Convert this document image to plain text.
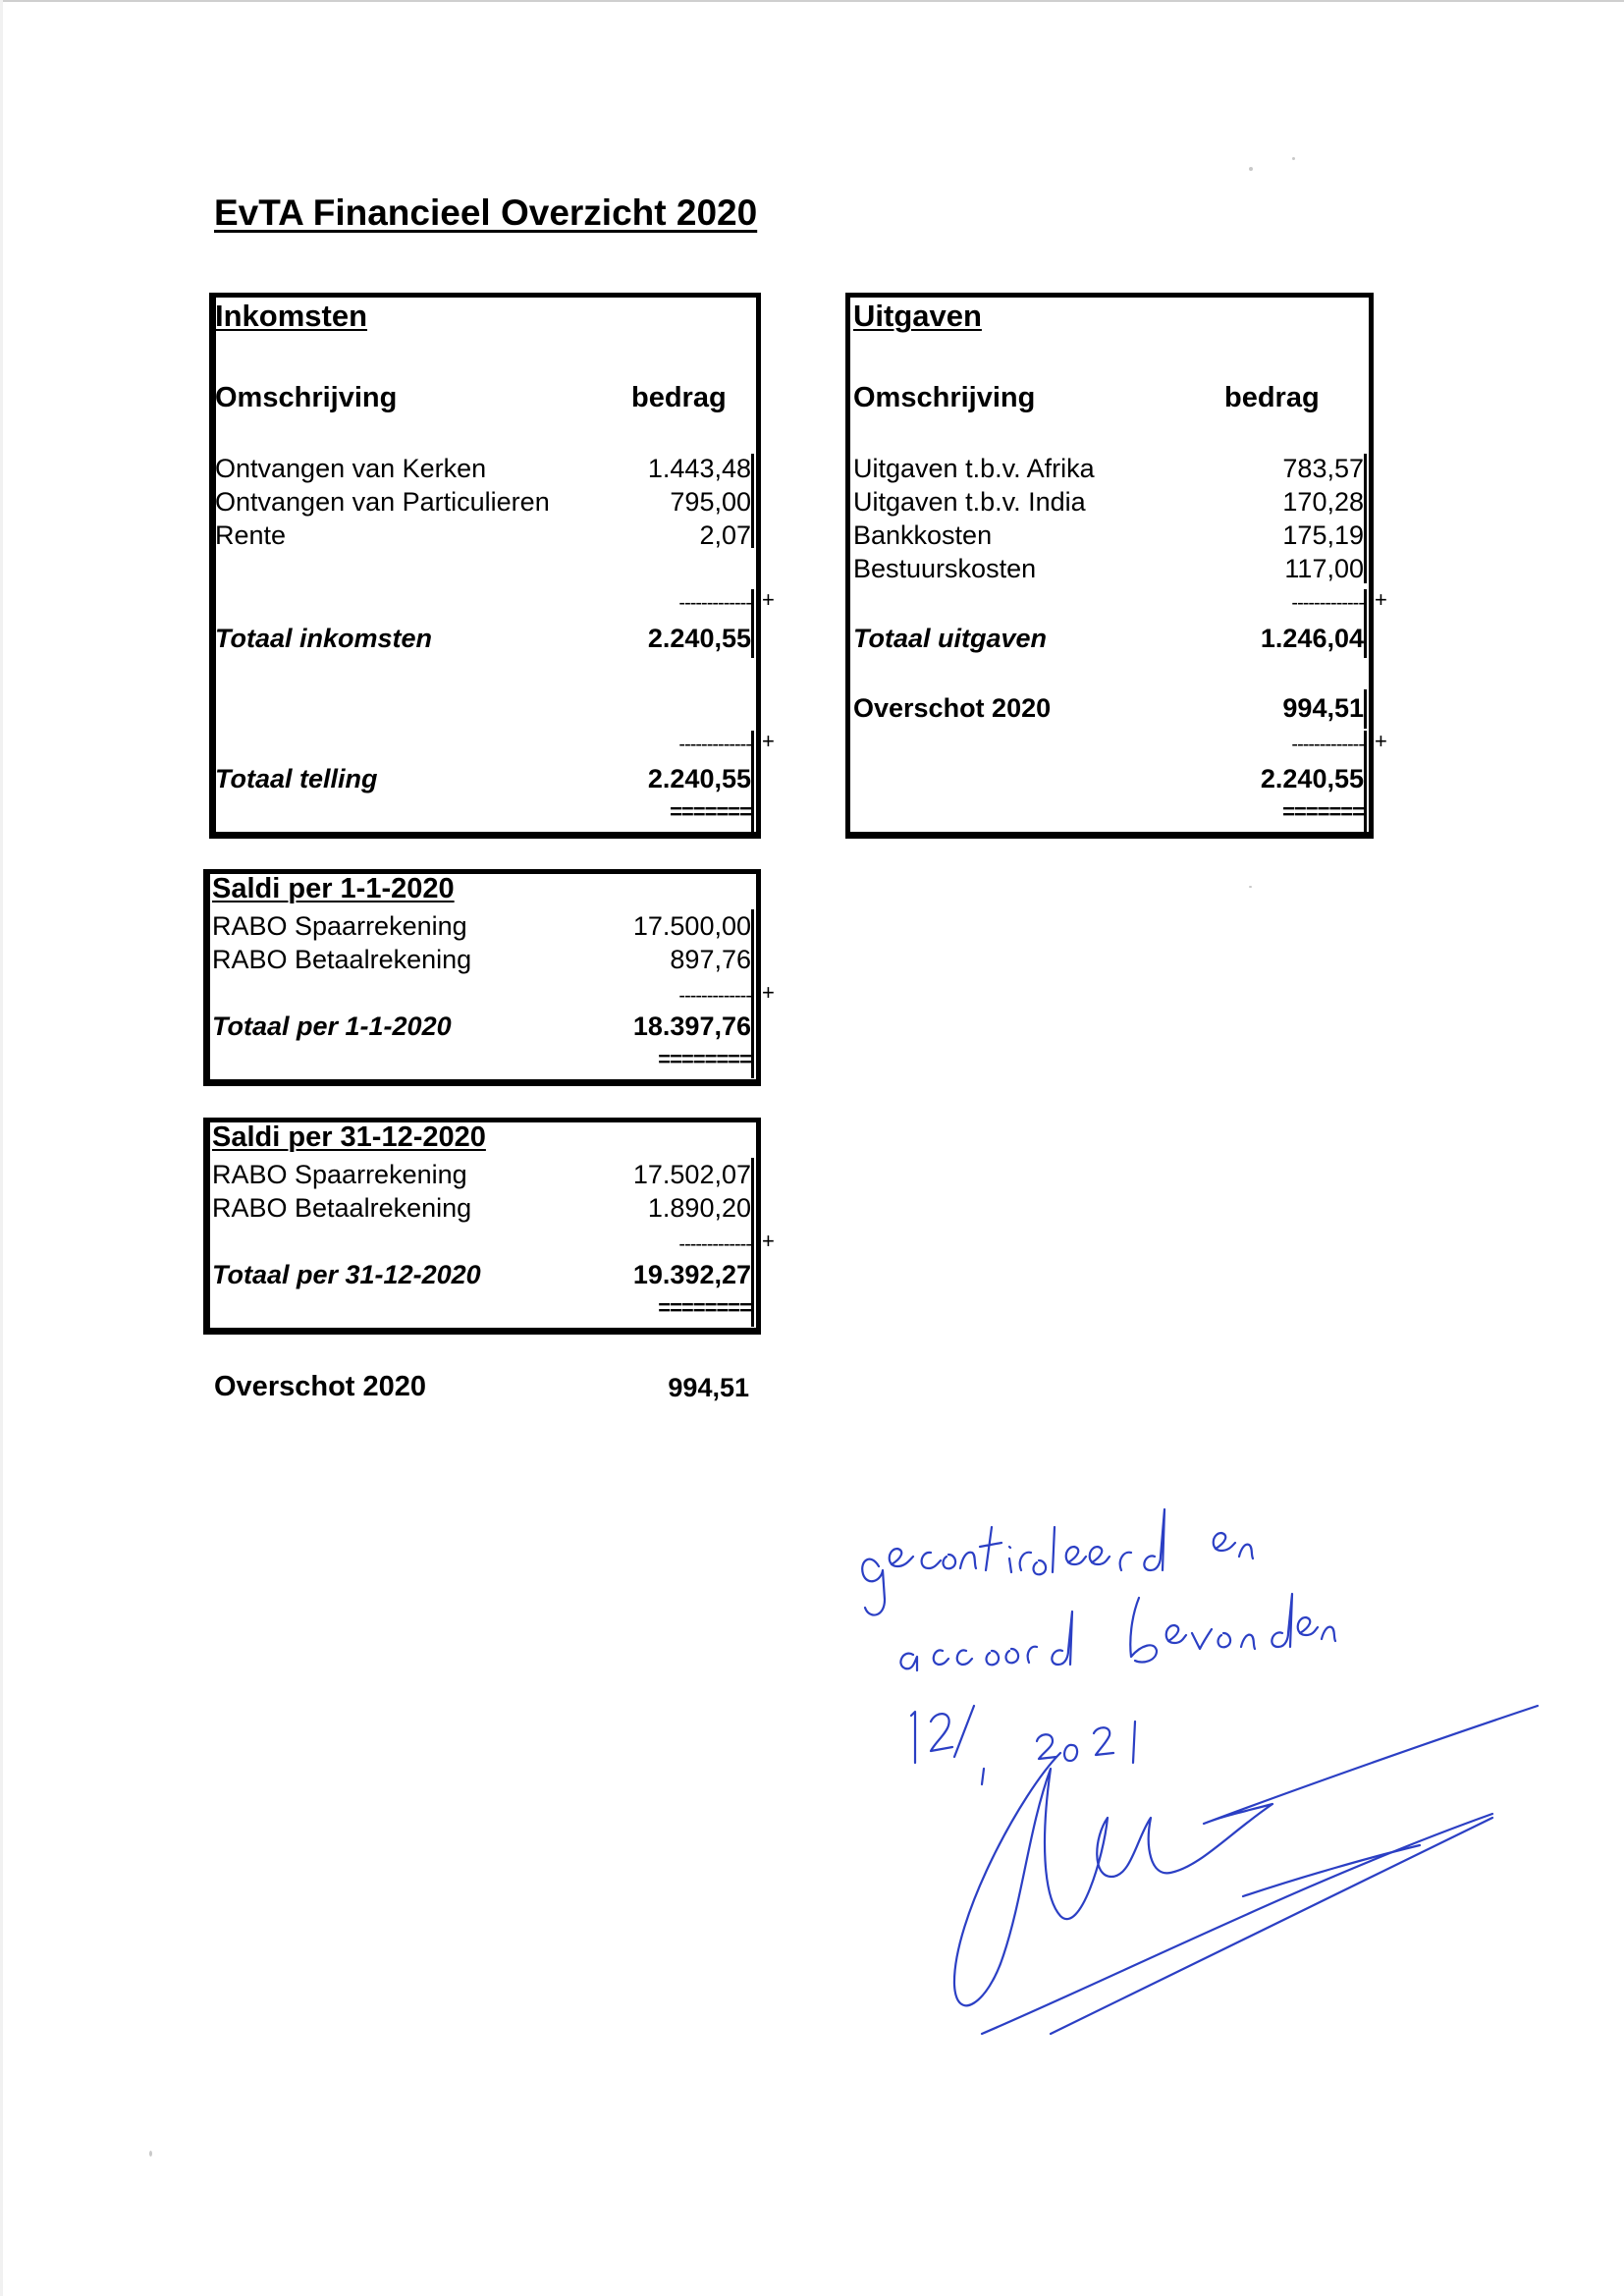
EvTA Financieel Overzicht 2020
Inkomsten
Omschrijving	bedrag
Ontvangen van Kerken	1.443,48
Ontvangen van Particulieren	795,00
Rente	2,07
------------- +
Totaal inkomsten	2.240,55
------------- +
Totaal telling	2.240,55
=======
Uitgaven
Omschrijving	bedrag
Uitgaven t.b.v. Afrika	783,57
Uitgaven t.b.v. India	170,28
Bankkosten	175,19
Bestuurskosten	117,00
------------- +
Totaal uitgaven	1.246,04
Overschot 2020	994,51
------------- +
2.240,55
=======
Saldi per 1-1-2020
RABO Spaarrekening	17.500,00
RABO Betaalrekening	897,76
------------- +
Totaal per 1-1-2020	18.397,76
========
Saldi per 31-12-2020
RABO Spaarrekening	17.502,07
RABO Betaalrekening	1.890,20
------------- +
Totaal per 31-12-2020	19.392,27
========
Overschot 2020	994,51
